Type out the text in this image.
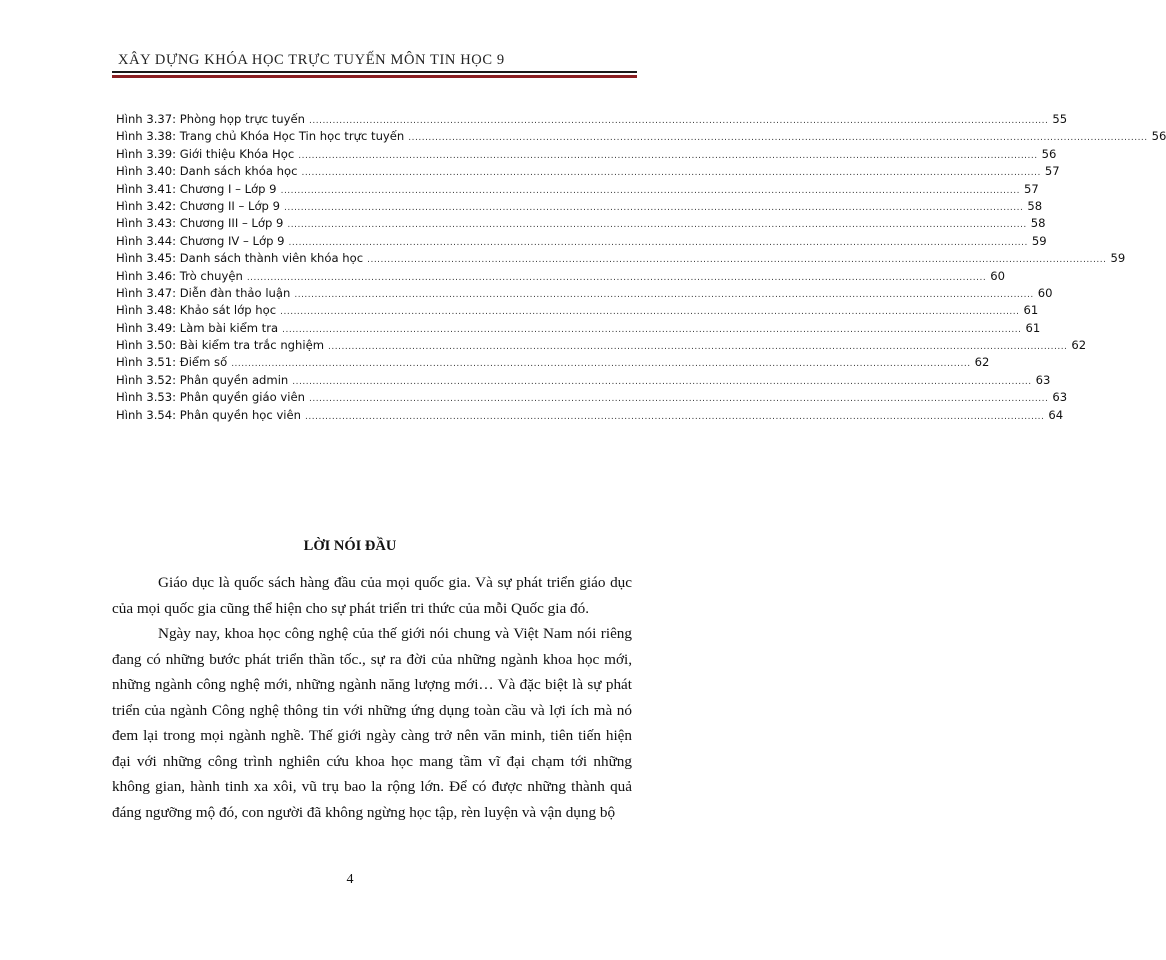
XÂY DỰNG KHÓA HỌC TRỰC TUYẾN MÔN TIN HỌC 9
Hình 3.37: Phòng họp trực tuyến ............................................................................................................................................................................................................................ 55
Hình 3.38: Trang chủ Khóa Học Tin học trực tuyến ............................................................................................................................................................................................................................ 56
Hình 3.39: Giới thiệu Khóa Học ............................................................................................................................................................................................................................ 56
Hình 3.40: Danh sách khóa học ............................................................................................................................................................................................................................ 57
Hình 3.41: Chương I – Lớp 9 ............................................................................................................................................................................................................................ 57
Hình 3.42: Chương II – Lớp 9 ............................................................................................................................................................................................................................ 58
Hình 3.43: Chương III – Lớp 9 ............................................................................................................................................................................................................................ 58
Hình 3.44: Chương IV – Lớp 9 ............................................................................................................................................................................................................................ 59
Hình 3.45: Danh sách thành viên khóa học ............................................................................................................................................................................................................................ 59
Hình 3.46: Trò chuyện ............................................................................................................................................................................................................................ 60
Hình 3.47: Diễn đàn thảo luận ............................................................................................................................................................................................................................ 60
Hình 3.48: Khảo sát lớp học ............................................................................................................................................................................................................................ 61
Hình 3.49: Làm bài kiểm tra ............................................................................................................................................................................................................................ 61
Hình 3.50: Bài kiểm tra trắc nghiệm ............................................................................................................................................................................................................................ 62
Hình 3.51: Điểm số ............................................................................................................................................................................................................................ 62
Hình 3.52: Phân quyền admin ............................................................................................................................................................................................................................ 63
Hình 3.53: Phân quyền giáo viên ............................................................................................................................................................................................................................ 63
Hình 3.54: Phân quyền học viên ............................................................................................................................................................................................................................ 64
LỜI NÓI ĐẦU

Giáo dục là quốc sách hàng đầu của mọi quốc gia. Và sự phát triển giáo dục của mọi quốc gia cũng thể hiện cho sự phát triển tri thức của mỗi Quốc gia đó.

Ngày nay, khoa học công nghệ của thế giới nói chung và Việt Nam nói riêng đang có những bước phát triển thần tốc., sự ra đời của những ngành khoa học mới, những ngành công nghệ mới, những ngành năng lượng mới… Và đặc biệt là sự phát triển của ngành Công nghệ thông tin với những ứng dụng toàn cầu và lợi ích mà nó đem lại trong mọi ngành nghề. Thế giới ngày càng trở nên văn minh, tiên tiến hiện đại với những công trình nghiên cứu khoa học mang tầm vĩ đại chạm tới những không gian, hành tinh xa xôi, vũ trụ bao la rộng lớn. Để có được những thành quả đáng ngưỡng mộ đó, con người đã không ngừng học tập, rèn luyện và vận dụng bộ

4
